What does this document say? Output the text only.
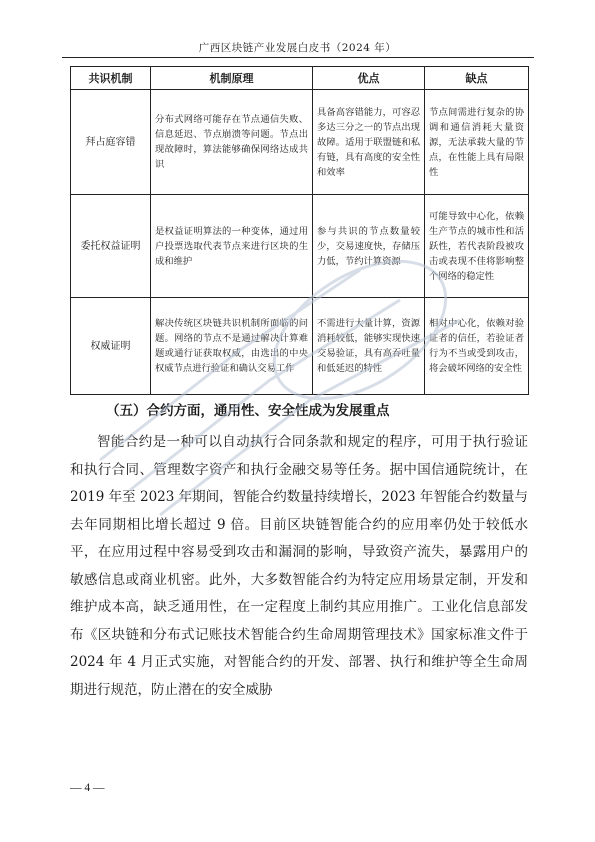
广西区块链产业发展白皮书（2024 年）
共识机制	机制原理	优点	缺点
拜占庭容错	分布式网络可能存在节点通信失败、信息延迟、节点崩溃等问题。节点出现故障时，算法能够确保网络达成共识	具备高容错能力，可容忍多达三分之一的节点出现故障。适用于联盟链和私有链，具有高度的安全性和效率	节点间需进行复杂的协调和通信消耗大量资源，无法承载大量的节点，在性能上具有局限性
委托权益证明	是权益证明算法的一种变体，通过用户投票选取代表节点来进行区块的生成和维护	参与共识的节点数量较少，交易速度快，存储压力低，节约计算资源	可能导致中心化，依赖生产节点的城市性和活跃性，若代表阶段被攻击或表现不佳将影响整个网络的稳定性
权威证明	解决传统区块链共识机制所面临的问题。网络的节点不是通过解决计算难题或通行证获取权威，由选出的中央权威节点进行验证和确认交易工作	不需进行大量计算，资源消耗较低，能够实现快速交易验证，具有高吞吐量和低延迟的特性	相对中心化，依赖对验证者的信任，若验证者行为不当或受到攻击，将会破坏网络的安全性
（五）合约方面，通用性、安全性成为发展重点

智能合约是一种可以自动执行合同条款和规定的程序，可用于执行验证和执行合同、管理数字资产和执行金融交易等任务。据中国信通院统计，在 2019 年至 2023 年期间，智能合约数量持续增长，2023 年智能合约数量与去年同期相比增长超过 9 倍。目前区块链智能合约的应用率仍处于较低水平，在应用过程中容易受到攻击和漏洞的影响，导致资产流失，暴露用户的敏感信息或商业机密。此外，大多数智能合约为特定应用场景定制，开发和维护成本高，缺乏通用性，在一定程度上制约其应用推广。工业化信息部发布《区块链和分布式记账技术智能合约生命周期管理技术》国家标准文件于 2024 年 4 月正式实施，对智能合约的开发、部署、执行和维护等全生命周期进行规范，防止潜在的安全威胁

— 4 —
